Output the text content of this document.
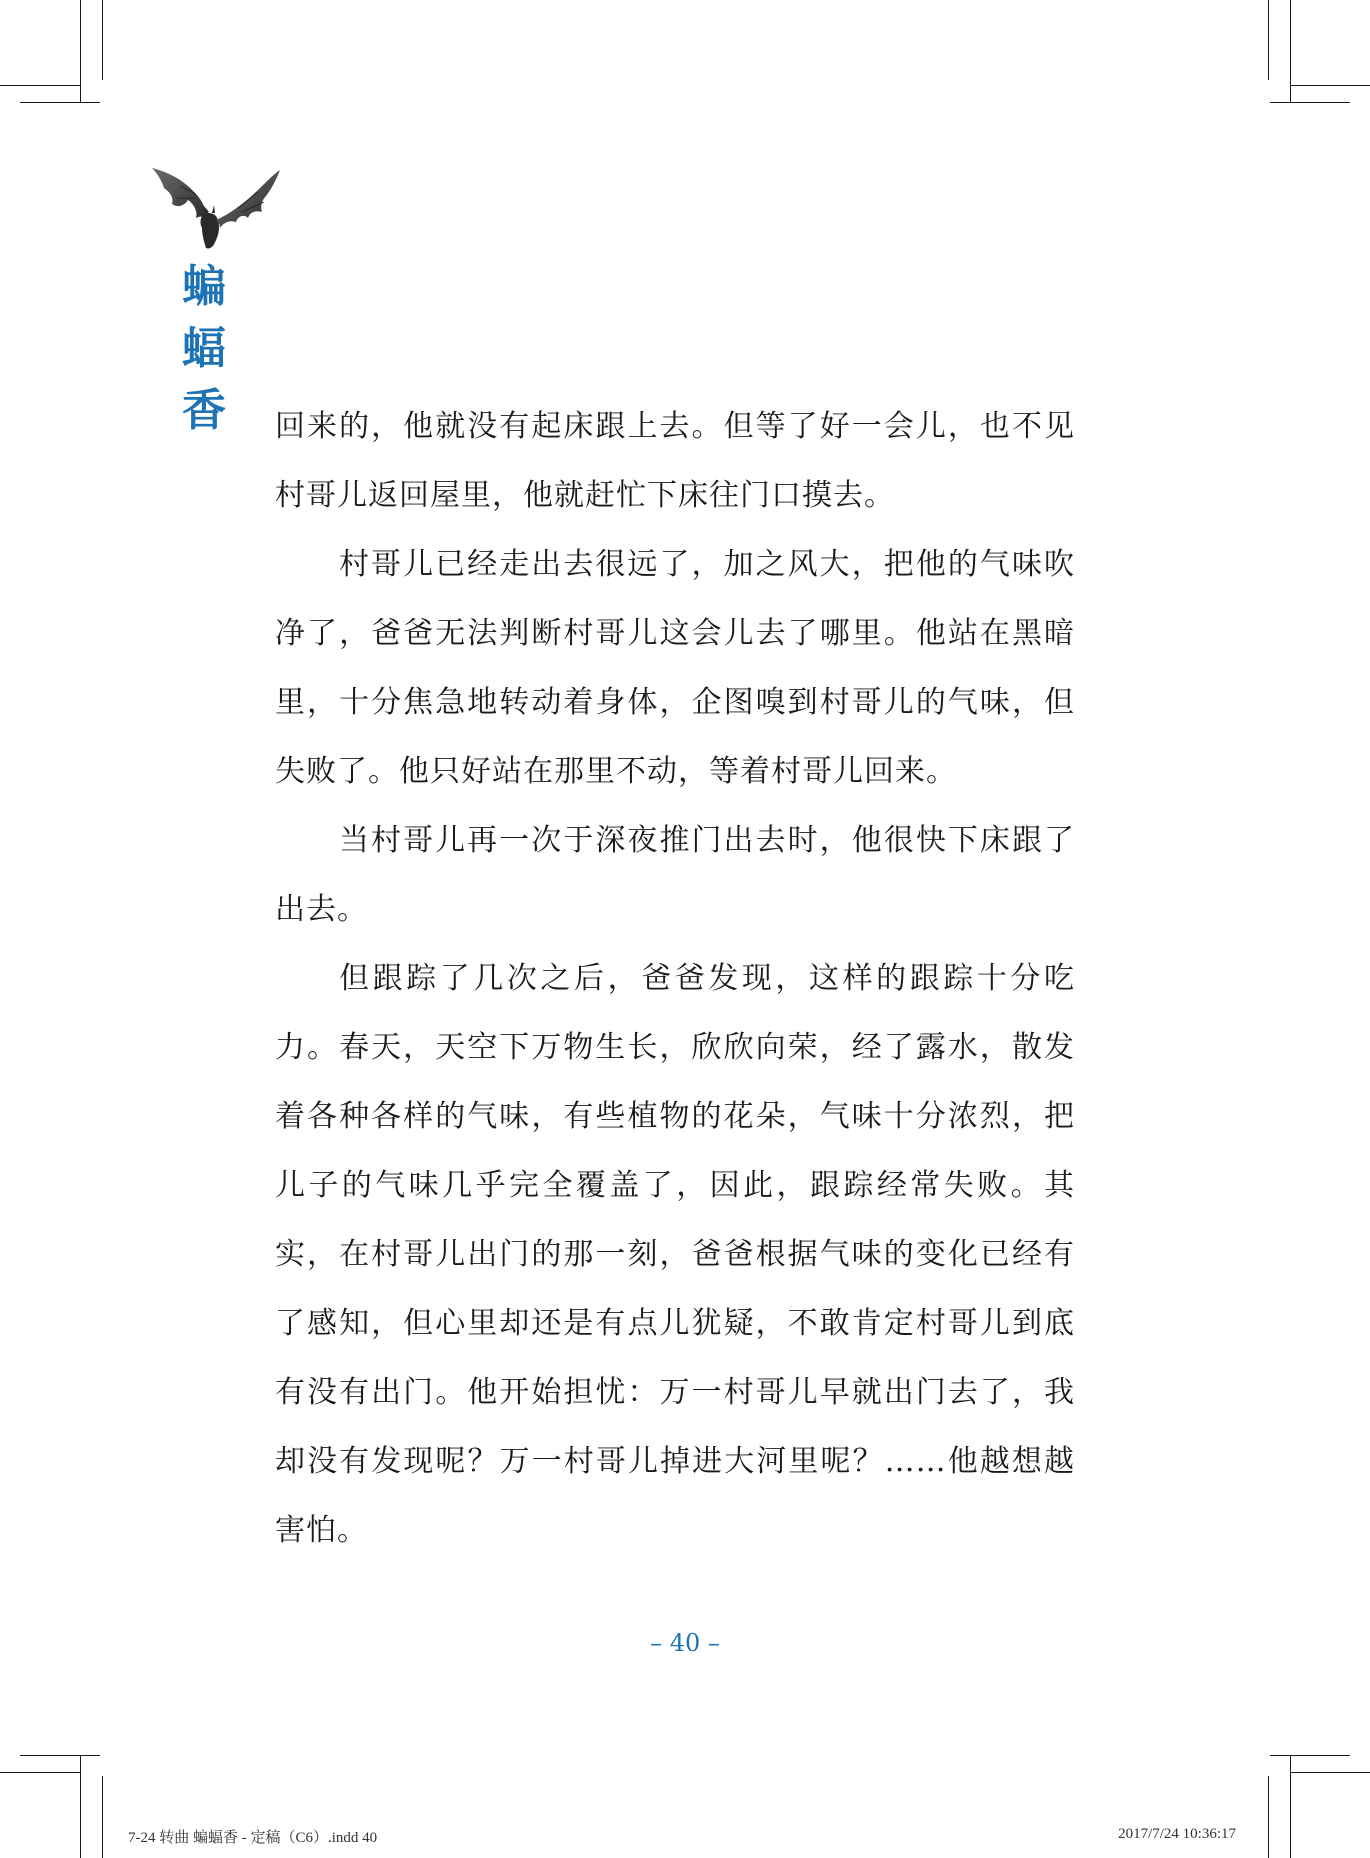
蝙
蝠
香 回来的，他就没有起床跟上去。但等了好一会儿，也不见村哥儿返回屋里，他就赶忙下床往门口摸去。

村哥儿已经走出去很远了，加之风大，把他的气味吹净了，爸爸无法判断村哥儿这会儿去了哪里。他站在黑暗里，十分焦急地转动着身体，企图嗅到村哥儿的气味，但失败了。他只好站在那里不动，等着村哥儿回来。

当村哥儿再一次于深夜推门出去时，他很快下床跟了出去。

但跟踪了几次之后，爸爸发现，这样的跟踪十分吃力。春天，天空下万物生长，欣欣向荣，经了露水，散发着各种各样的气味，有些植物的花朵，气味十分浓烈，把儿子的气味几乎完全覆盖了，因此，跟踪经常失败。其实，在村哥儿出门的那一刻，爸爸根据气味的变化已经有了感知，但心里却还是有点儿犹疑，不敢肯定村哥儿到底有没有出门。他开始担忧：万一村哥儿早就出门去了，我却没有发现呢？万一村哥儿掉进大河里呢？……他越想越害怕。

– 40 –
7-24 转曲 蝙蝠香 - 定稿（C6）.indd 40	2017/7/24 10:36:17
